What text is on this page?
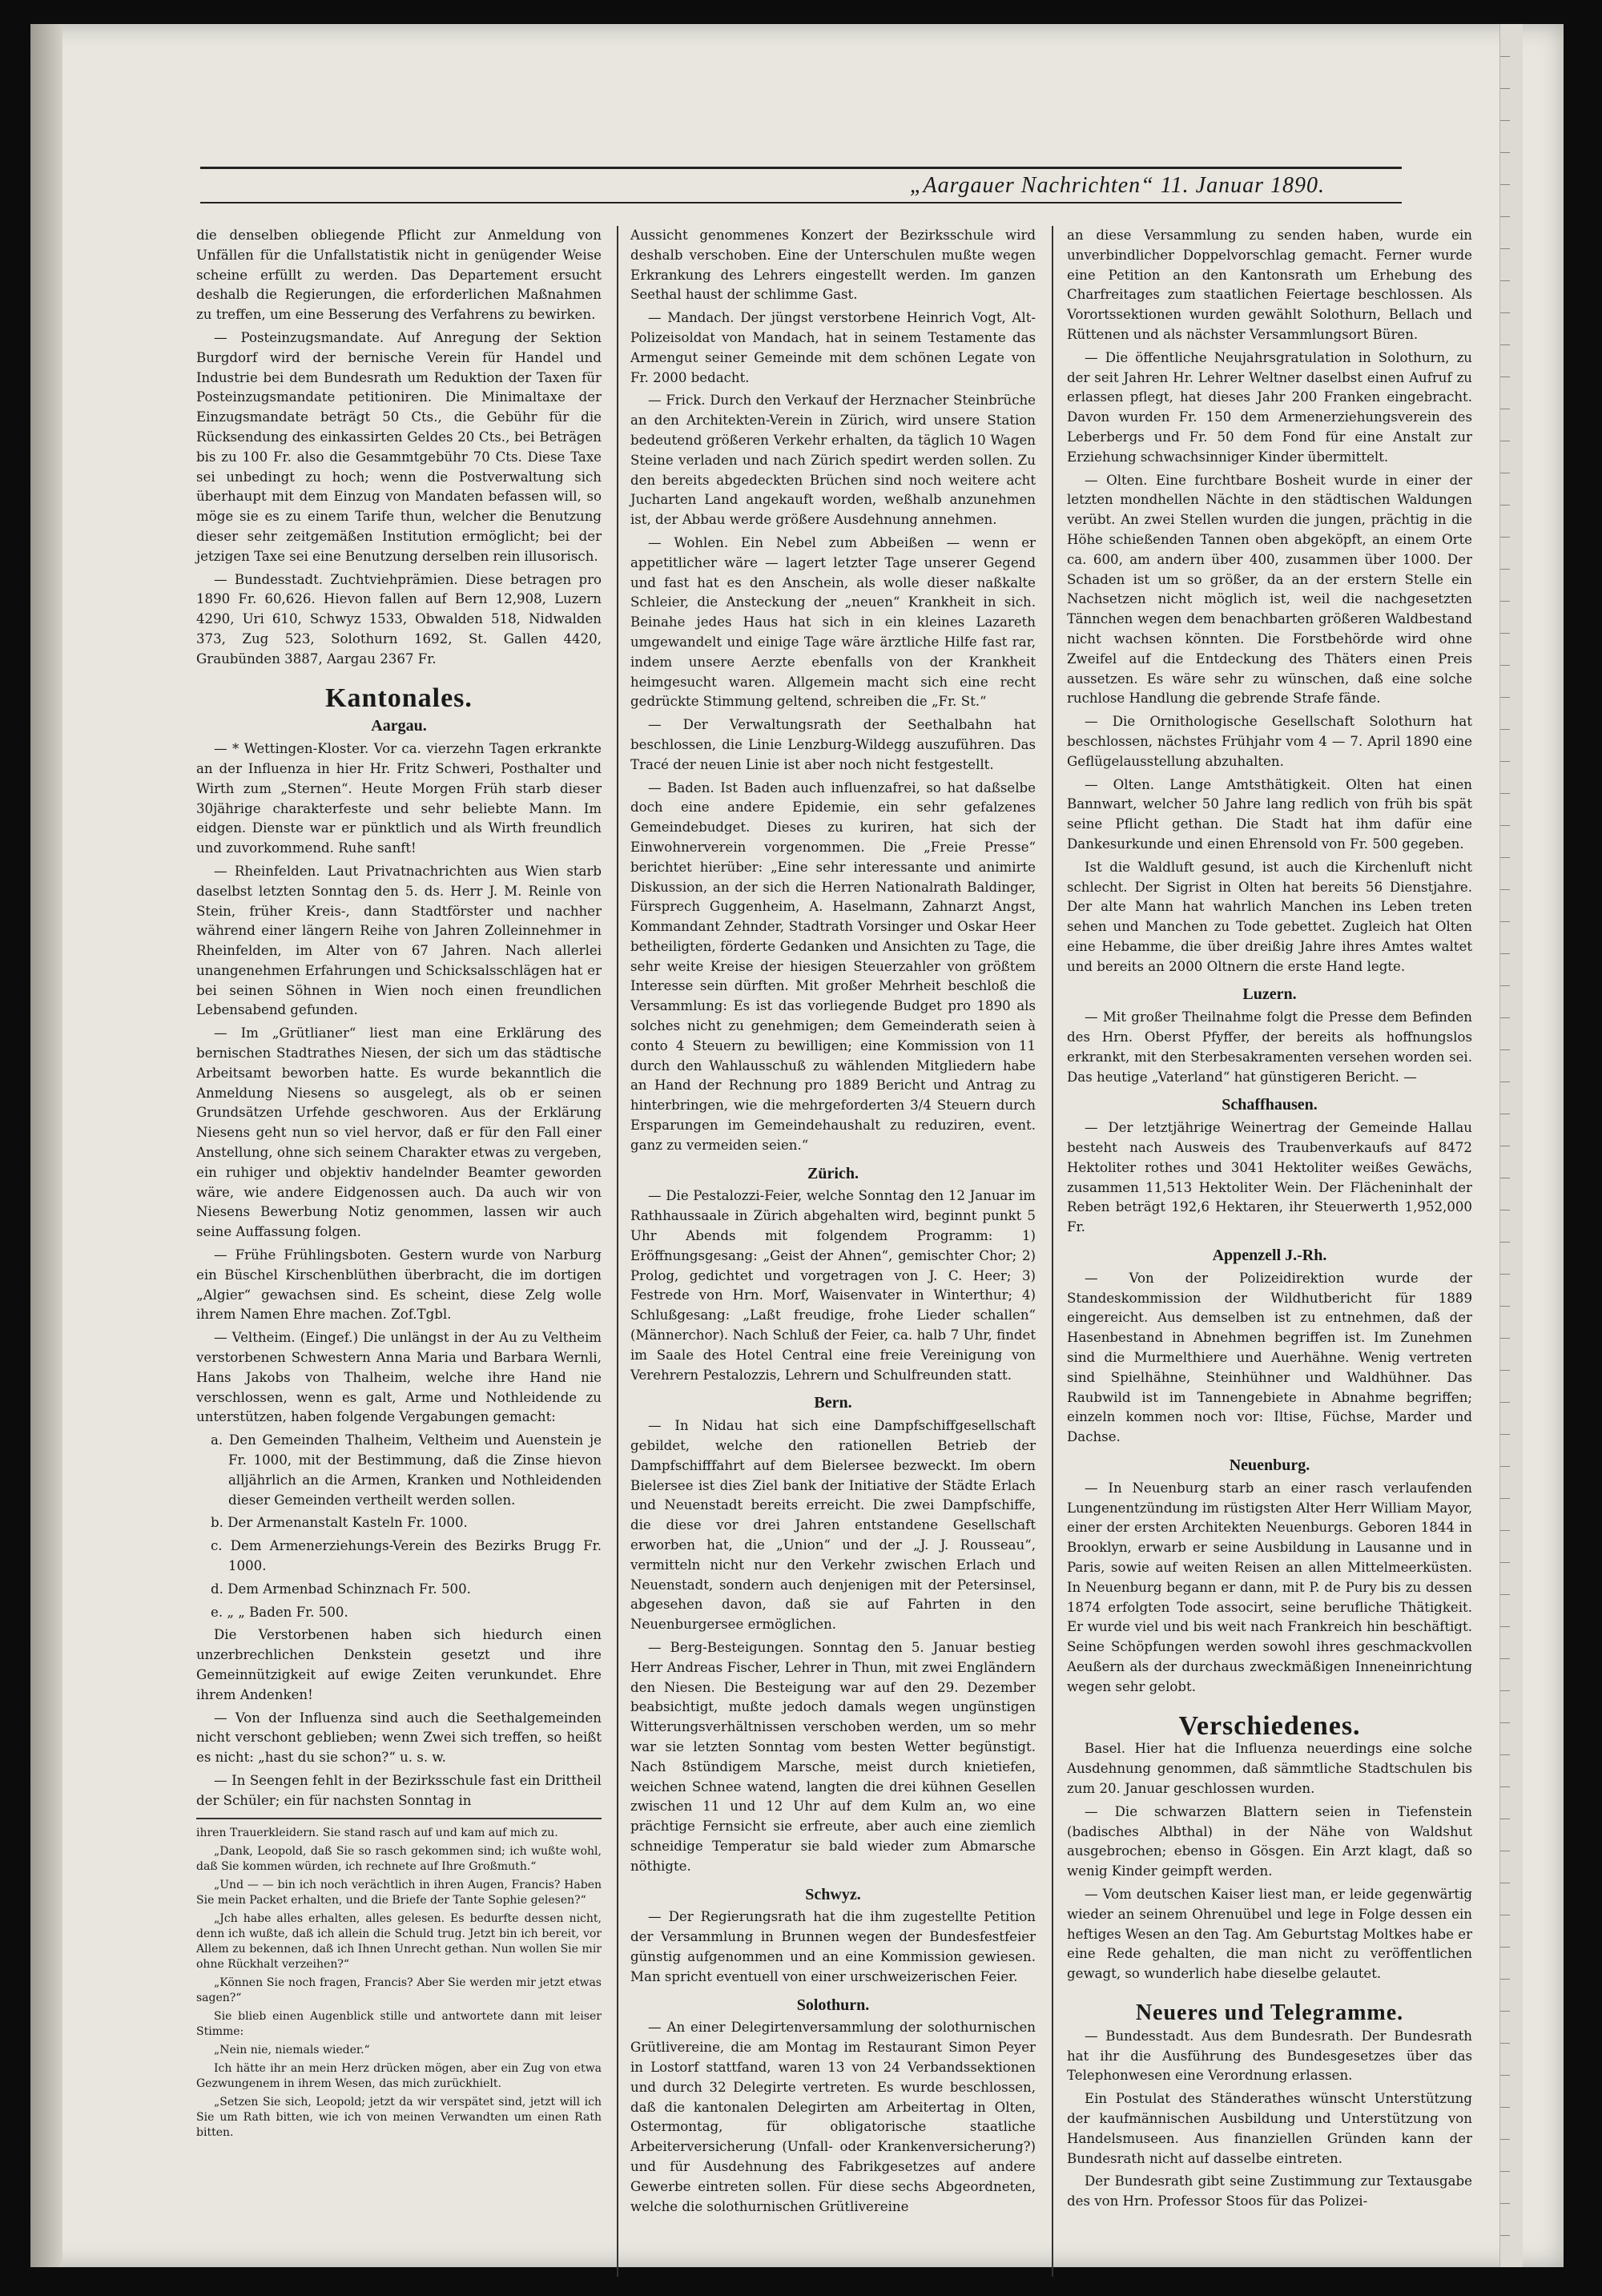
„Aargauer Nachrichten“ 11. Januar 1890.

die denselben obliegende Pflicht zur Anmeldung von Unfällen für die Unfallstatistik nicht in genügender Weise scheine erfüllt zu werden. Das Departement ersucht deshalb die Regierungen, die erforderlichen Maßnahmen zu treffen, um eine Besserung des Verfahrens zu bewirken.

— Posteinzugsmandate. Auf Anregung der Sektion Burgdorf wird der bernische Verein für Handel und Industrie bei dem Bundesrath um Reduktion der Taxen für Posteinzugsmandate petitioniren. Die Minimaltaxe der Einzugsmandate beträgt 50 Cts., die Gebühr für die Rücksendung des einkassirten Geldes 20 Cts., bei Beträgen bis zu 100 Fr. also die Gesammtgebühr 70 Cts. Diese Taxe sei unbedingt zu hoch; wenn die Postverwaltung sich überhaupt mit dem Einzug von Mandaten befassen will, so möge sie es zu einem Tarife thun, welcher die Benutzung dieser sehr zeitgemäßen Institution ermöglicht; bei der jetzigen Taxe sei eine Benutzung derselben rein illusorisch.

— Bundesstadt. Zuchtviehprämien. Diese betragen pro 1890 Fr. 60,626. Hievon fallen auf Bern 12,908, Luzern 4290, Uri 610, Schwyz 1533, Obwalden 518, Nidwalden 373, Zug 523, Solothurn 1692, St. Gallen 4420, Graubünden 3887, Aargau 2367 Fr.

Kantonales.
Aargau.

— * Wettingen-Kloster. Vor ca. vierzehn Tagen erkrankte an der Influenza in hier Hr. Fritz Schweri, Posthalter und Wirth zum „Sternen“. Heute Morgen Früh starb dieser 30jährige charakterfeste und sehr beliebte Mann. Im eidgen. Dienste war er pünktlich und als Wirth freundlich und zuvorkommend. Ruhe sanft!

— Rheinfelden. Laut Privatnachrichten aus Wien starb daselbst letzten Sonntag den 5. ds. Herr J. M. Reinle von Stein, früher Kreis-, dann Stadtförster und nachher während einer längern Reihe von Jahren Zolleinnehmer in Rheinfelden, im Alter von 67 Jahren. Nach allerlei unangenehmen Erfahrungen und Schicksalsschlägen hat er bei seinen Söhnen in Wien noch einen freundlichen Lebensabend gefunden.

— Im „Grütlianer“ liest man eine Erklärung des bernischen Stadtrathes Niesen, der sich um das städtische Arbeitsamt beworben hatte. Es wurde bekanntlich die Anmeldung Niesens so ausgelegt, als ob er seinen Grundsätzen Urfehde geschworen. Aus der Erklärung Niesens geht nun so viel hervor, daß er für den Fall einer Anstellung, ohne sich seinem Charakter etwas zu vergeben, ein ruhiger und objektiv handelnder Beamter geworden wäre, wie andere Eidgenossen auch. Da auch wir von Niesens Bewerbung Notiz genommen, lassen wir auch seine Auffassung folgen.

— Frühe Frühlingsboten. Gestern wurde von Narburg ein Büschel Kirschenblüthen überbracht, die im dortigen „Algier“ gewachsen sind. Es scheint, diese Zelg wolle ihrem Namen Ehre machen. Zof.Tgbl.

— Veltheim. (Eingef.) Die unlängst in der Au zu Veltheim verstorbenen Schwestern Anna Maria und Barbara Wernli, Hans Jakobs von Thalheim, welche ihre Hand nie verschlossen, wenn es galt, Arme und Nothleidende zu unterstützen, haben folgende Vergabungen gemacht:

a. Den Gemeinden Thalheim, Veltheim und Auenstein je Fr. 1000, mit der Bestimmung, daß die Zinse hievon alljährlich an die Armen, Kranken und Nothleidenden dieser Gemeinden vertheilt werden sollen.

b. Der Armenanstalt Kasteln Fr. 1000.

c. Dem Armenerziehungs-Verein des Bezirks Brugg Fr. 1000.

d. Dem Armenbad Schinznach Fr. 500.

e. „ „ Baden Fr. 500.

Die Verstorbenen haben sich hiedurch einen unzerbrechlichen Denkstein gesetzt und ihre Gemeinnützigkeit auf ewige Zeiten verunkundet. Ehre ihrem Andenken!

— Von der Influenza sind auch die Seethalgemeinden nicht verschont geblieben; wenn Zwei sich treffen, so heißt es nicht: „hast du sie schon?“ u. s. w.

— In Seengen fehlt in der Bezirksschule fast ein Drittheil der Schüler; ein für nachsten Sonntag in

ihren Trauerkleidern. Sie stand rasch auf und kam auf mich zu.

„Dank, Leopold, daß Sie so rasch gekommen sind; ich wußte wohl, daß Sie kommen würden, ich rechnete auf Ihre Großmuth.“

„Und — — bin ich noch verächtlich in ihren Augen, Francis? Haben Sie mein Packet erhalten, und die Briefe der Tante Sophie gelesen?“

„Jch habe alles erhalten, alles gelesen. Es bedurfte dessen nicht, denn ich wußte, daß ich allein die Schuld trug. Jetzt bin ich bereit, vor Allem zu bekennen, daß ich Ihnen Unrecht gethan. Nun wollen Sie mir ohne Rückhalt verzeihen?“

„Können Sie noch fragen, Francis? Aber Sie werden mir jetzt etwas sagen?“

Sie blieb einen Augenblick stille und antwortete dann mit leiser Stimme:

„Nein nie, niemals wieder.“

Ich hätte ihr an mein Herz drücken mögen, aber ein Zug von etwa Gezwungenem in ihrem Wesen, das mich zurückhielt.

„Setzen Sie sich, Leopold; jetzt da wir verspätet sind, jetzt will ich Sie um Rath bitten, wie ich von meinen Verwandten um einen Rath bitten.

Aussicht genommenes Konzert der Bezirksschule wird deshalb verschoben. Eine der Unterschulen mußte wegen Erkrankung des Lehrers eingestellt werden. Im ganzen Seethal haust der schlimme Gast.

— Mandach. Der jüngst verstorbene Heinrich Vogt, Alt-Polizeisoldat von Mandach, hat in seinem Testamente das Armengut seiner Gemeinde mit dem schönen Legate von Fr. 2000 bedacht.

— Frick. Durch den Verkauf der Herznacher Steinbrüche an den Architekten-Verein in Zürich, wird unsere Station bedeutend größeren Verkehr erhalten, da täglich 10 Wagen Steine verladen und nach Zürich spedirt werden sollen. Zu den bereits abgedeckten Brüchen sind noch weitere acht Jucharten Land angekauft worden, weßhalb anzunehmen ist, der Abbau werde größere Ausdehnung annehmen.

— Wohlen. Ein Nebel zum Abbeißen — wenn er appetitlicher wäre — lagert letzter Tage unserer Gegend und fast hat es den Anschein, als wolle dieser naßkalte Schleier, die Ansteckung der „neuen“ Krankheit in sich. Beinahe jedes Haus hat sich in ein kleines Lazareth umgewandelt und einige Tage wäre ärztliche Hilfe fast rar, indem unsere Aerzte ebenfalls von der Krankheit heimgesucht waren. Allgemein macht sich eine recht gedrückte Stimmung geltend, schreiben die „Fr. St.“

— Der Verwaltungsrath der Seethalbahn hat beschlossen, die Linie Lenzburg-Wildegg auszuführen. Das Tracé der neuen Linie ist aber noch nicht festgestellt.

— Baden. Ist Baden auch influenzafrei, so hat daßselbe doch eine andere Epidemie, ein sehr gefalzenes Gemeindebudget. Dieses zu kuriren, hat sich der Einwohnerverein vorgenommen. Die „Freie Presse“ berichtet hierüber: „Eine sehr interessante und animirte Diskussion, an der sich die Herren Nationalrath Baldinger, Fürsprech Guggenheim, A. Haselmann, Zahnarzt Angst, Kommandant Zehnder, Stadtrath Vorsinger und Oskar Heer betheiligten, förderte Gedanken und Ansichten zu Tage, die sehr weite Kreise der hiesigen Steuerzahler von größtem Interesse sein dürften. Mit großer Mehrheit beschloß die Versammlung: Es ist das vorliegende Budget pro 1890 als solches nicht zu genehmigen; dem Gemeinderath seien à conto 4 Steuern zu bewilligen; eine Kommission von 11 durch den Wahlausschuß zu wählenden Mitgliedern habe an Hand der Rechnung pro 1889 Bericht und Antrag zu hinterbringen, wie die mehrgeforderten 3/4 Steuern durch Ersparungen im Gemeindehaushalt zu reduziren, event. ganz zu vermeiden seien.“

Zürich.

— Die Pestalozzi-Feier, welche Sonntag den 12 Januar im Rathhaussaale in Zürich abgehalten wird, beginnt punkt 5 Uhr Abends mit folgendem Programm: 1) Eröffnungsgesang: „Geist der Ahnen“, gemischter Chor; 2) Prolog, gedichtet und vorgetragen von J. C. Heer; 3) Festrede von Hrn. Morf, Waisenvater in Winterthur; 4) Schlußgesang: „Laßt freudige, frohe Lieder schallen“ (Männerchor). Nach Schluß der Feier, ca. halb 7 Uhr, findet im Saale des Hotel Central eine freie Vereinigung von Verehrern Pestalozzis, Lehrern und Schulfreunden statt.

Bern.

— In Nidau hat sich eine Dampfschiffgesellschaft gebildet, welche den rationellen Betrieb der Dampfschifffahrt auf dem Bielersee bezweckt. Im obern Bielersee ist dies Ziel bank der Initiative der Städte Erlach und Neuenstadt bereits erreicht. Die zwei Dampfschiffe, die diese vor drei Jahren entstandene Gesellschaft erworben hat, die „Union“ und der „J. J. Rousseau“, vermitteln nicht nur den Verkehr zwischen Erlach und Neuenstadt, sondern auch denjenigen mit der Petersinsel, abgesehen davon, daß sie auf Fahrten in den Neuenburgersee ermöglichen.

— Berg-Besteigungen. Sonntag den 5. Januar bestieg Herr Andreas Fischer, Lehrer in Thun, mit zwei Engländern den Niesen. Die Besteigung war auf den 29. Dezember beabsichtigt, mußte jedoch damals wegen ungünstigen Witterungsverhältnissen verschoben werden, um so mehr war sie letzten Sonntag vom besten Wetter begünstigt. Nach 8stündigem Marsche, meist durch knietiefen, weichen Schnee watend, langten die drei kühnen Gesellen zwischen 11 und 12 Uhr auf dem Kulm an, wo eine prächtige Fernsicht sie erfreute, aber auch eine ziemlich schneidige Temperatur sie bald wieder zum Abmarsche nöthigte.

Schwyz.

— Der Regierungsrath hat die ihm zugestellte Petition der Versammlung in Brunnen wegen der Bundesfestfeier günstig aufgenommen und an eine Kommission gewiesen. Man spricht eventuell von einer urschweizerischen Feier.

Solothurn.

— An einer Delegirtenversammlung der solothurnischen Grütlivereine, die am Montag im Restaurant Simon Peyer in Lostorf stattfand, waren 13 von 24 Verbandssektionen und durch 32 Delegirte vertreten. Es wurde beschlossen, daß die kantonalen Delegirten am Arbeitertag in Olten, Ostermontag, für obligatorische staatliche Arbeiterversicherung (Unfall- oder Krankenversicherung?) und für Ausdehnung des Fabrikgesetzes auf andere Gewerbe eintreten sollen. Für diese sechs Abgeordneten, welche die solothurnischen Grütlivereine

an diese Versammlung zu senden haben, wurde ein unverbindlicher Doppelvorschlag gemacht. Ferner wurde eine Petition an den Kantonsrath um Erhebung des Charfreitages zum staatlichen Feiertage beschlossen. Als Vorortssektionen wurden gewählt Solothurn, Bellach und Rüttenen und als nächster Versammlungsort Büren.

— Die öffentliche Neujahrsgratulation in Solothurn, zu der seit Jahren Hr. Lehrer Weltner daselbst einen Aufruf zu erlassen pflegt, hat dieses Jahr 200 Franken eingebracht. Davon wurden Fr. 150 dem Armenerziehungsverein des Leberbergs und Fr. 50 dem Fond für eine Anstalt zur Erziehung schwachsinniger Kinder übermittelt.

— Olten. Eine furchtbare Bosheit wurde in einer der letzten mondhellen Nächte in den städtischen Waldungen verübt. An zwei Stellen wurden die jungen, prächtig in die Höhe schießenden Tannen oben abgeköpft, an einem Orte ca. 600, am andern über 400, zusammen über 1000. Der Schaden ist um so größer, da an der erstern Stelle ein Nachsetzen nicht möglich ist, weil die nachgesetzten Tännchen wegen dem benachbarten größeren Waldbestand nicht wachsen könnten. Die Forstbehörde wird ohne Zweifel auf die Entdeckung des Thäters einen Preis aussetzen. Es wäre sehr zu wünschen, daß eine solche ruchlose Handlung die gebrende Strafe fände.

— Die Ornithologische Gesellschaft Solothurn hat beschlossen, nächstes Frühjahr vom 4 — 7. April 1890 eine Geflügelausstellung abzuhalten.

— Olten. Lange Amtsthätigkeit. Olten hat einen Bannwart, welcher 50 Jahre lang redlich von früh bis spät seine Pflicht gethan. Die Stadt hat ihm dafür eine Dankesurkunde und einen Ehrensold von Fr. 500 gegeben.

Ist die Waldluft gesund, ist auch die Kirchenluft nicht schlecht. Der Sigrist in Olten hat bereits 56 Dienstjahre. Der alte Mann hat wahrlich Manchen ins Leben treten sehen und Manchen zu Tode gebettet. Zugleich hat Olten eine Hebamme, die über dreißig Jahre ihres Amtes waltet und bereits an 2000 Oltnern die erste Hand legte.

Luzern.

— Mit großer Theilnahme folgt die Presse dem Befinden des Hrn. Oberst Pfyffer, der bereits als hoffnungslos erkrankt, mit den Sterbesakramenten versehen worden sei. Das heutige „Vaterland“ hat günstigeren Bericht. —

Schaffhausen.

— Der letztjährige Weinertrag der Gemeinde Hallau besteht nach Ausweis des Traubenverkaufs auf 8472 Hektoliter rothes und 3041 Hektoliter weißes Gewächs, zusammen 11,513 Hektoliter Wein. Der Flächeninhalt der Reben beträgt 192,6 Hektaren, ihr Steuerwerth 1,952,000 Fr.

Appenzell J.-Rh.

— Von der Polizeidirektion wurde der Standeskommission der Wildhutbericht für 1889 eingereicht. Aus demselben ist zu entnehmen, daß der Hasenbestand in Abnehmen begriffen ist. Im Zunehmen sind die Murmelthiere und Auerhähne. Wenig vertreten sind Spielhähne, Steinhühner und Waldhühner. Das Raubwild ist im Tannengebiete in Abnahme begriffen; einzeln kommen noch vor: Iltise, Füchse, Marder und Dachse.

Neuenburg.

— In Neuenburg starb an einer rasch verlaufenden Lungenentzündung im rüstigsten Alter Herr William Mayor, einer der ersten Architekten Neuenburgs. Geboren 1844 in Brooklyn, erwarb er seine Ausbildung in Lausanne und in Paris, sowie auf weiten Reisen an allen Mittelmeerküsten. In Neuenburg begann er dann, mit P. de Pury bis zu dessen 1874 erfolgten Tode associrt, seine berufliche Thätigkeit. Er wurde viel und bis weit nach Frankreich hin beschäftigt. Seine Schöpfungen werden sowohl ihres geschmackvollen Aeußern als der durchaus zweckmäßigen Inneneinrichtung wegen sehr gelobt.

Verschiedenes.

Basel. Hier hat die Influenza neuerdings eine solche Ausdehnung genommen, daß sämmtliche Stadtschulen bis zum 20. Januar geschlossen wurden.

— Die schwarzen Blattern seien in Tiefenstein (badisches Albthal) in der Nähe von Waldshut ausgebrochen; ebenso in Gösgen. Ein Arzt klagt, daß so wenig Kinder geimpft werden.

— Vom deutschen Kaiser liest man, er leide gegenwärtig wieder an seinem Ohrenuübel und lege in Folge dessen ein heftiges Wesen an den Tag. Am Geburtstag Moltkes habe er eine Rede gehalten, die man nicht zu veröffentlichen gewagt, so wunderlich habe dieselbe gelautet.

Neueres und Telegramme.

— Bundesstadt. Aus dem Bundesrath. Der Bundesrath hat ihr die Ausführung des Bundesgesetzes über das Telephonwesen eine Verordnung erlassen.

Ein Postulat des Ständerathes wünscht Unterstützung der kaufmännischen Ausbildung und Unterstützung von Handelsmuseen. Aus finanziellen Gründen kann der Bundesrath nicht auf dasselbe eintreten.

Der Bundesrath gibt seine Zustimmung zur Textausgabe des von Hrn. Professor Stoos für das Polizei-
